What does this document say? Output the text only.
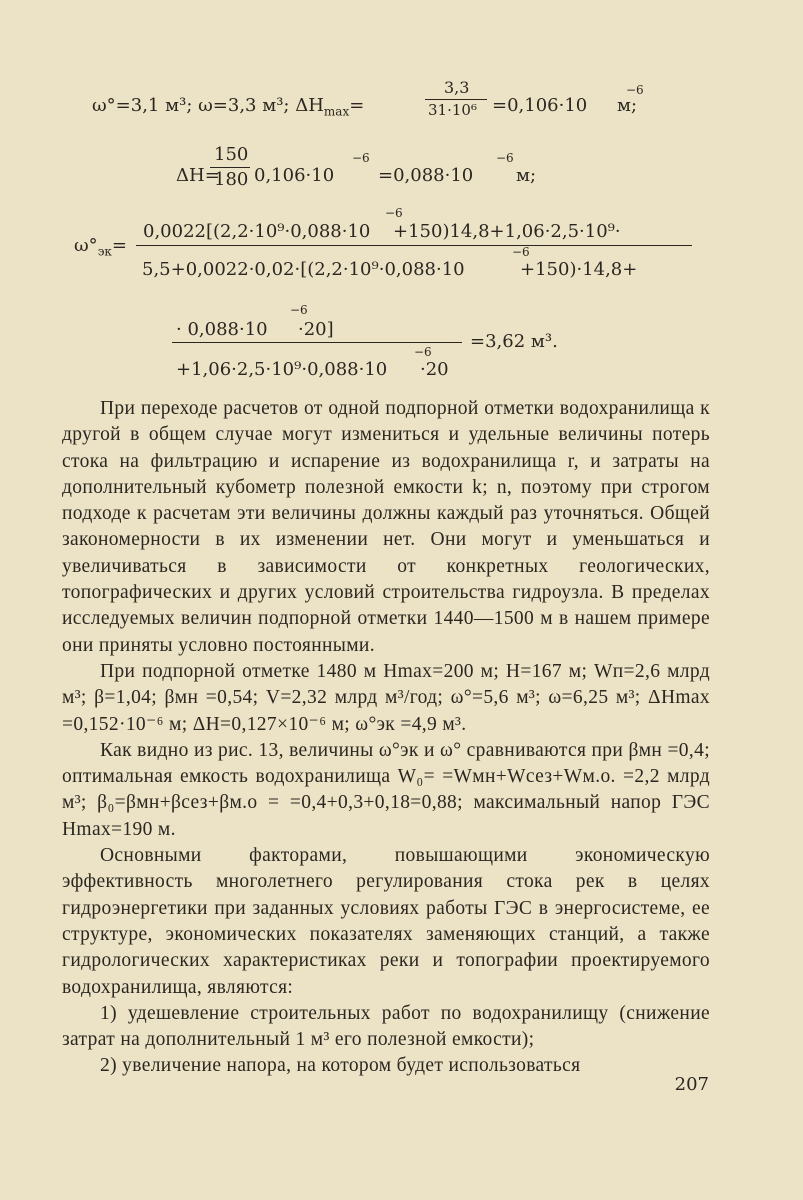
ω°=3,1 м³; ω=3,3 м³; $\Delta H_{max}=$
3,3
31·10⁶ =0,106·10
−6
м;
ΔH=
150
180 0,106·10
−6
=0,088·10
−6
м;
$\omega^\circ_{эк}=$
0,0022[(2,2·10⁹·0,088·10
−6
+150)14,8+1,06·2,5·10⁹·
5,5+0,0022·0,02·[(2,2·10⁹·0,088·10
−6
+150)·14,8+
· 0,088·10
−6
·20]
+1,06·2,5·10⁹·0,088·10
−6
·20
=3,62 м³.

При переходе расчетов от одной подпорной отметки водохранилища к другой в общем случае могут измениться и удельные величины потерь стока на фильтрацию и испарение из водохранилища r, и затраты на дополнительный кубометр полезной емкости k; n, поэтому при строгом подходе к расчетам эти величины должны каждый раз уточняться. Общей закономерности в их изменении нет. Они могут и уменьшаться и увеличиваться в зависимости от конкретных геологических, топографических и других условий строительства гидроузла. В пределах исследуемых величин подпорной отметки 1440—1500 м в нашем примере они приняты условно постоянными.

При подпорной отметке 1480 м Hmax=200 м; H=167 м; Wп=2,6 млрд м³; β=1,04; βмн =0,54; V=2,32 млрд м³/год; ω°=5,6 м³; ω=6,25 м³; ΔHmax =0,152·10⁻⁶ м; ΔH=0,127×10⁻⁶ м; ω°эк =4,9 м³.

Как видно из рис. 13, величины ω°эк и ω° сравниваются при βмн =0,4; оптимальная емкость водохранилища W₀= =Wмн+Wсез+Wм.о. =2,2 млрд м³; β₀=βмн+βсез+βм.о = =0,4+0,3+0,18=0,88; максимальный напор ГЭС Hmax=190 м.

Основными факторами, повышающими экономическую эффективность многолетнего регулирования стока рек в целях гидроэнергетики при заданных условиях работы ГЭС в энергосистеме, ее структуре, экономических показателях заменяющих станций, а также гидрологических характеристиках реки и топографии проектируемого водохранилища, являются:

1) удешевление строительных работ по водохранилищу (снижение затрат на дополнительный 1 м³ его полезной емкости);

2) увеличение напора, на котором будет использоваться

207
